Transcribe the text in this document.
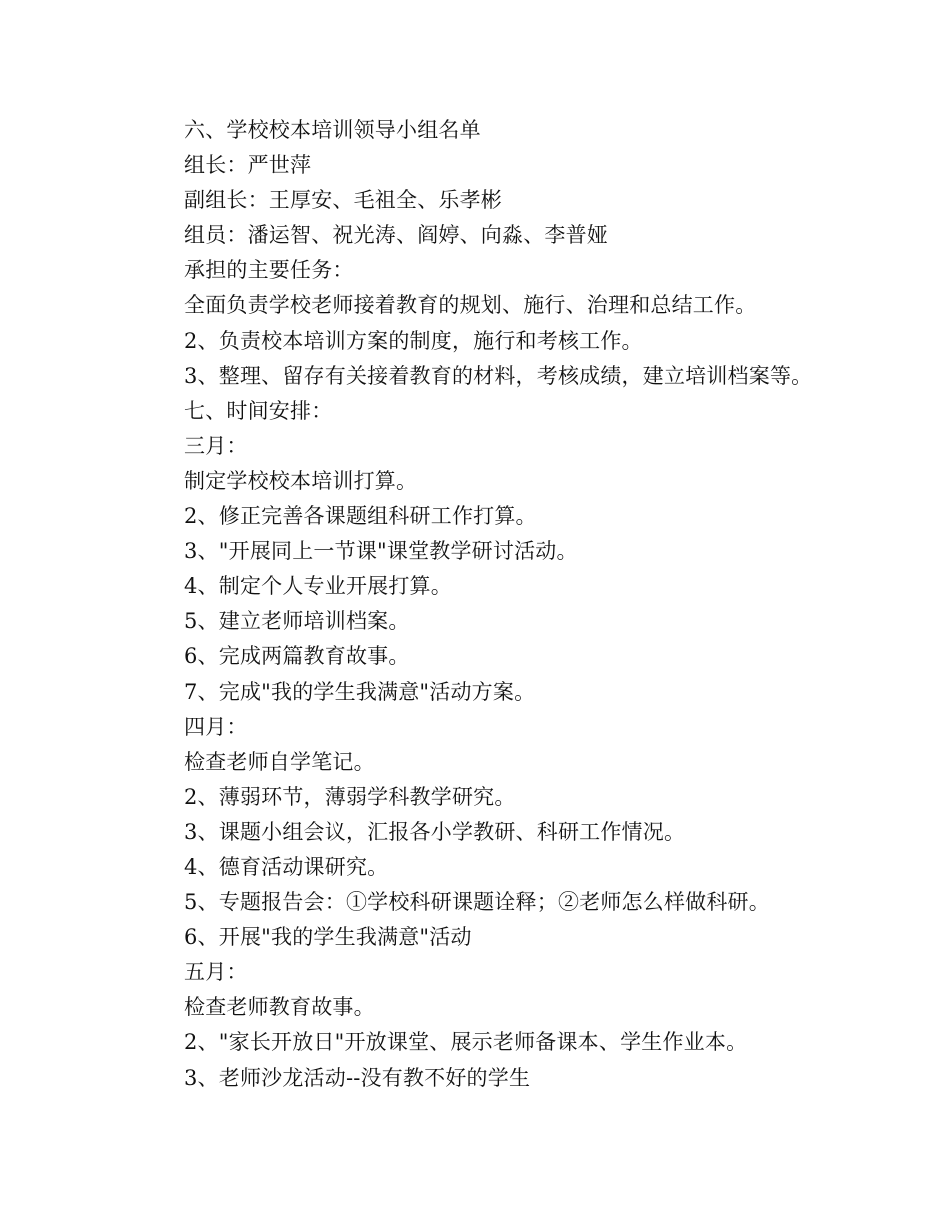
六、学校校本培训领导小组名单
组长：严世萍
副组长：王厚安、毛祖全、乐孝彬
组员：潘运智、祝光涛、阎婷、向淼、李普娅
承担的主要任务：
全面负责学校老师接着教育的规划、施行、治理和总结工作。
2、负责校本培训方案的制度，施行和考核工作。
3、整理、留存有关接着教育的材料，考核成绩，建立培训档案等。
七、时间安排：
三月：
制定学校校本培训打算。
2、修正完善各课题组科研工作打算。
3、"开展同上一节课"课堂教学研讨活动。
4、制定个人专业开展打算。
5、建立老师培训档案。
6、完成两篇教育故事。
7、完成"我的学生我满意"活动方案。
四月：
检查老师自学笔记。
2、薄弱环节，薄弱学科教学研究。
3、课题小组会议，汇报各小学教研、科研工作情况。
4、德育活动课研究。
5、专题报告会：①学校科研课题诠释；②老师怎么样做科研。
6、开展"我的学生我满意"活动
五月：
检查老师教育故事。
2、"家长开放日"开放课堂、展示老师备课本、学生作业本。
3、老师沙龙活动--没有教不好的学生
